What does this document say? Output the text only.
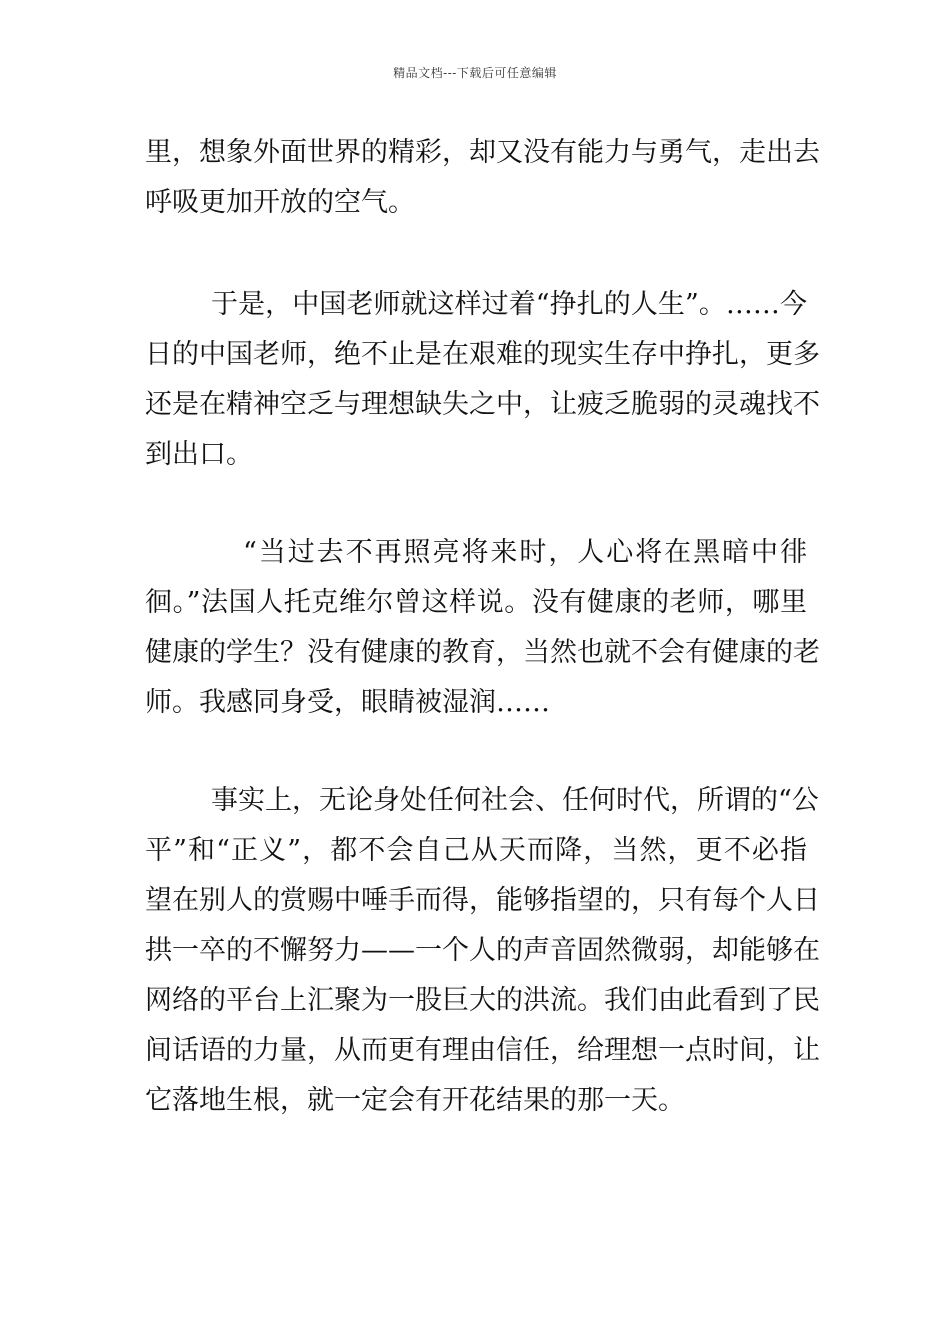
精品文档---下载后可任意编辑
里，想象外面世界的精彩，却又没有能力与勇气，走出去
呼吸更加开放的空气。
于是，中国老师就这样过着“挣扎的人生”。……今
日的中国老师，绝不止是在艰难的现实生存中挣扎，更多
还是在精神空乏与理想缺失之中，让疲乏脆弱的灵魂找不
到出口。
“当过去不再照亮将来时，人心将在黑暗中徘
徊。”法国人托克维尔曾这样说。没有健康的老师，哪里
健康的学生？没有健康的教育，当然也就不会有健康的老
师。我感同身受，眼睛被湿润……
事实上，无论身处任何社会、任何时代，所谓的“公
平”和“正义”，都不会自己从天而降，当然，更不必指
望在别人的赏赐中唾手而得，能够指望的，只有每个人日
拱一卒的不懈努力——一个人的声音固然微弱，却能够在
网络的平台上汇聚为一股巨大的洪流。我们由此看到了民
间话语的力量，从而更有理由信任，给理想一点时间，让
它落地生根，就一定会有开花结果的那一天。
